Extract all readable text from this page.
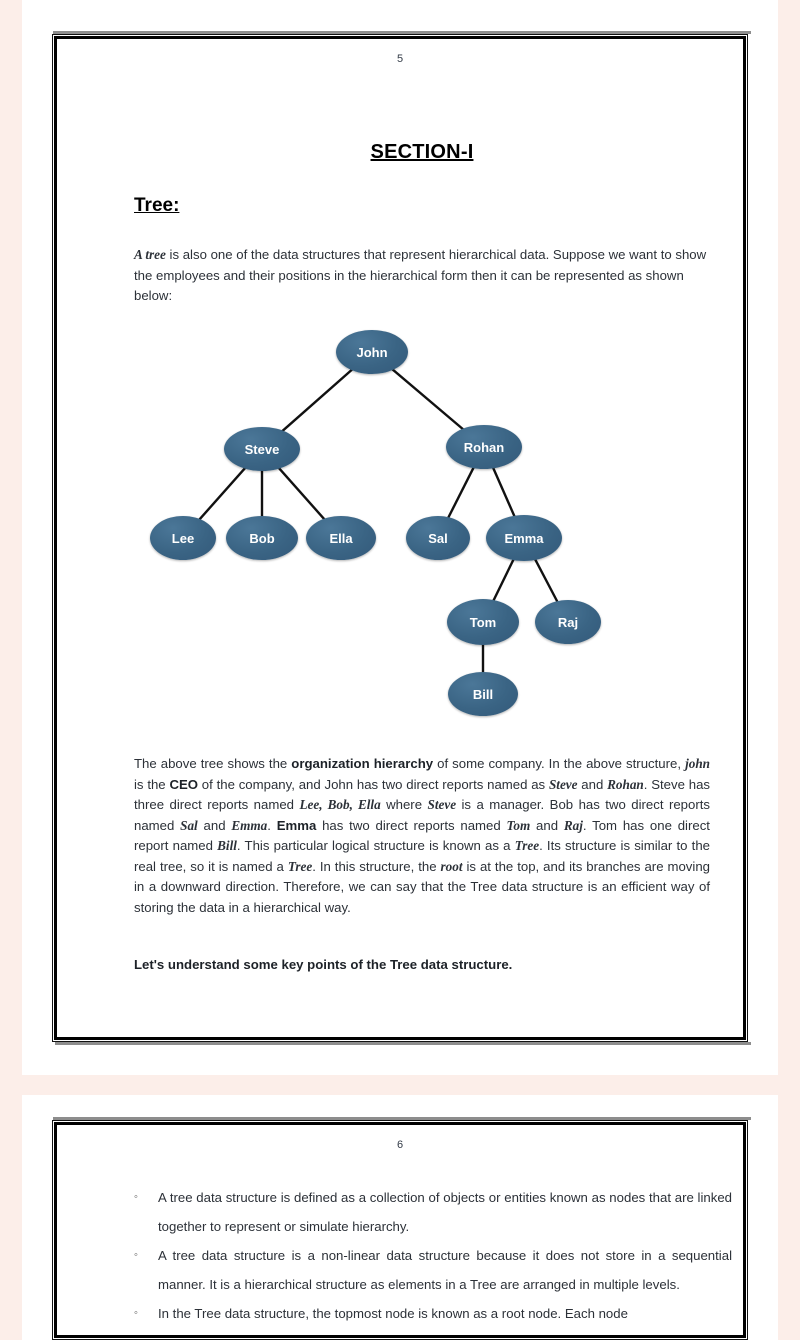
5
SECTION-I
Tree:

A tree is also one of the data structures that represent hierarchical data. Suppose we want to show the employees and their positions in the hierarchical form then it can be represented as shown below:

John
Steve	Rohan
Lee	Bob	Ella	Sal	Emma
Tom	Raj
Bill

The above tree shows the organization hierarchy of some company. In the above structure, john is the CEO of the company, and John has two direct reports named as Steve and Rohan. Steve has three direct reports named Lee, Bob, Ella where Steve is a manager. Bob has two direct reports named Sal and Emma. Emma has two direct reports named Tom and Raj. Tom has one direct report named Bill. This particular logical structure is known as a Tree. Its structure is similar to the real tree, so it is named a Tree. In this structure, the root is at the top, and its branches are moving in a downward direction. Therefore, we can say that the Tree data structure is an efficient way of storing the data in a hierarchical way.

Let's understand some key points of the Tree data structure.

6
◦ A tree data structure is defined as a collection of objects or entities known as nodes that are linked together to represent or simulate hierarchy.
◦ A tree data structure is a non-linear data structure because it does not store in a sequential manner. It is a hierarchical structure as elements in a Tree are arranged in multiple levels.
◦ In the Tree data structure, the topmost node is known as a root node. Each node
